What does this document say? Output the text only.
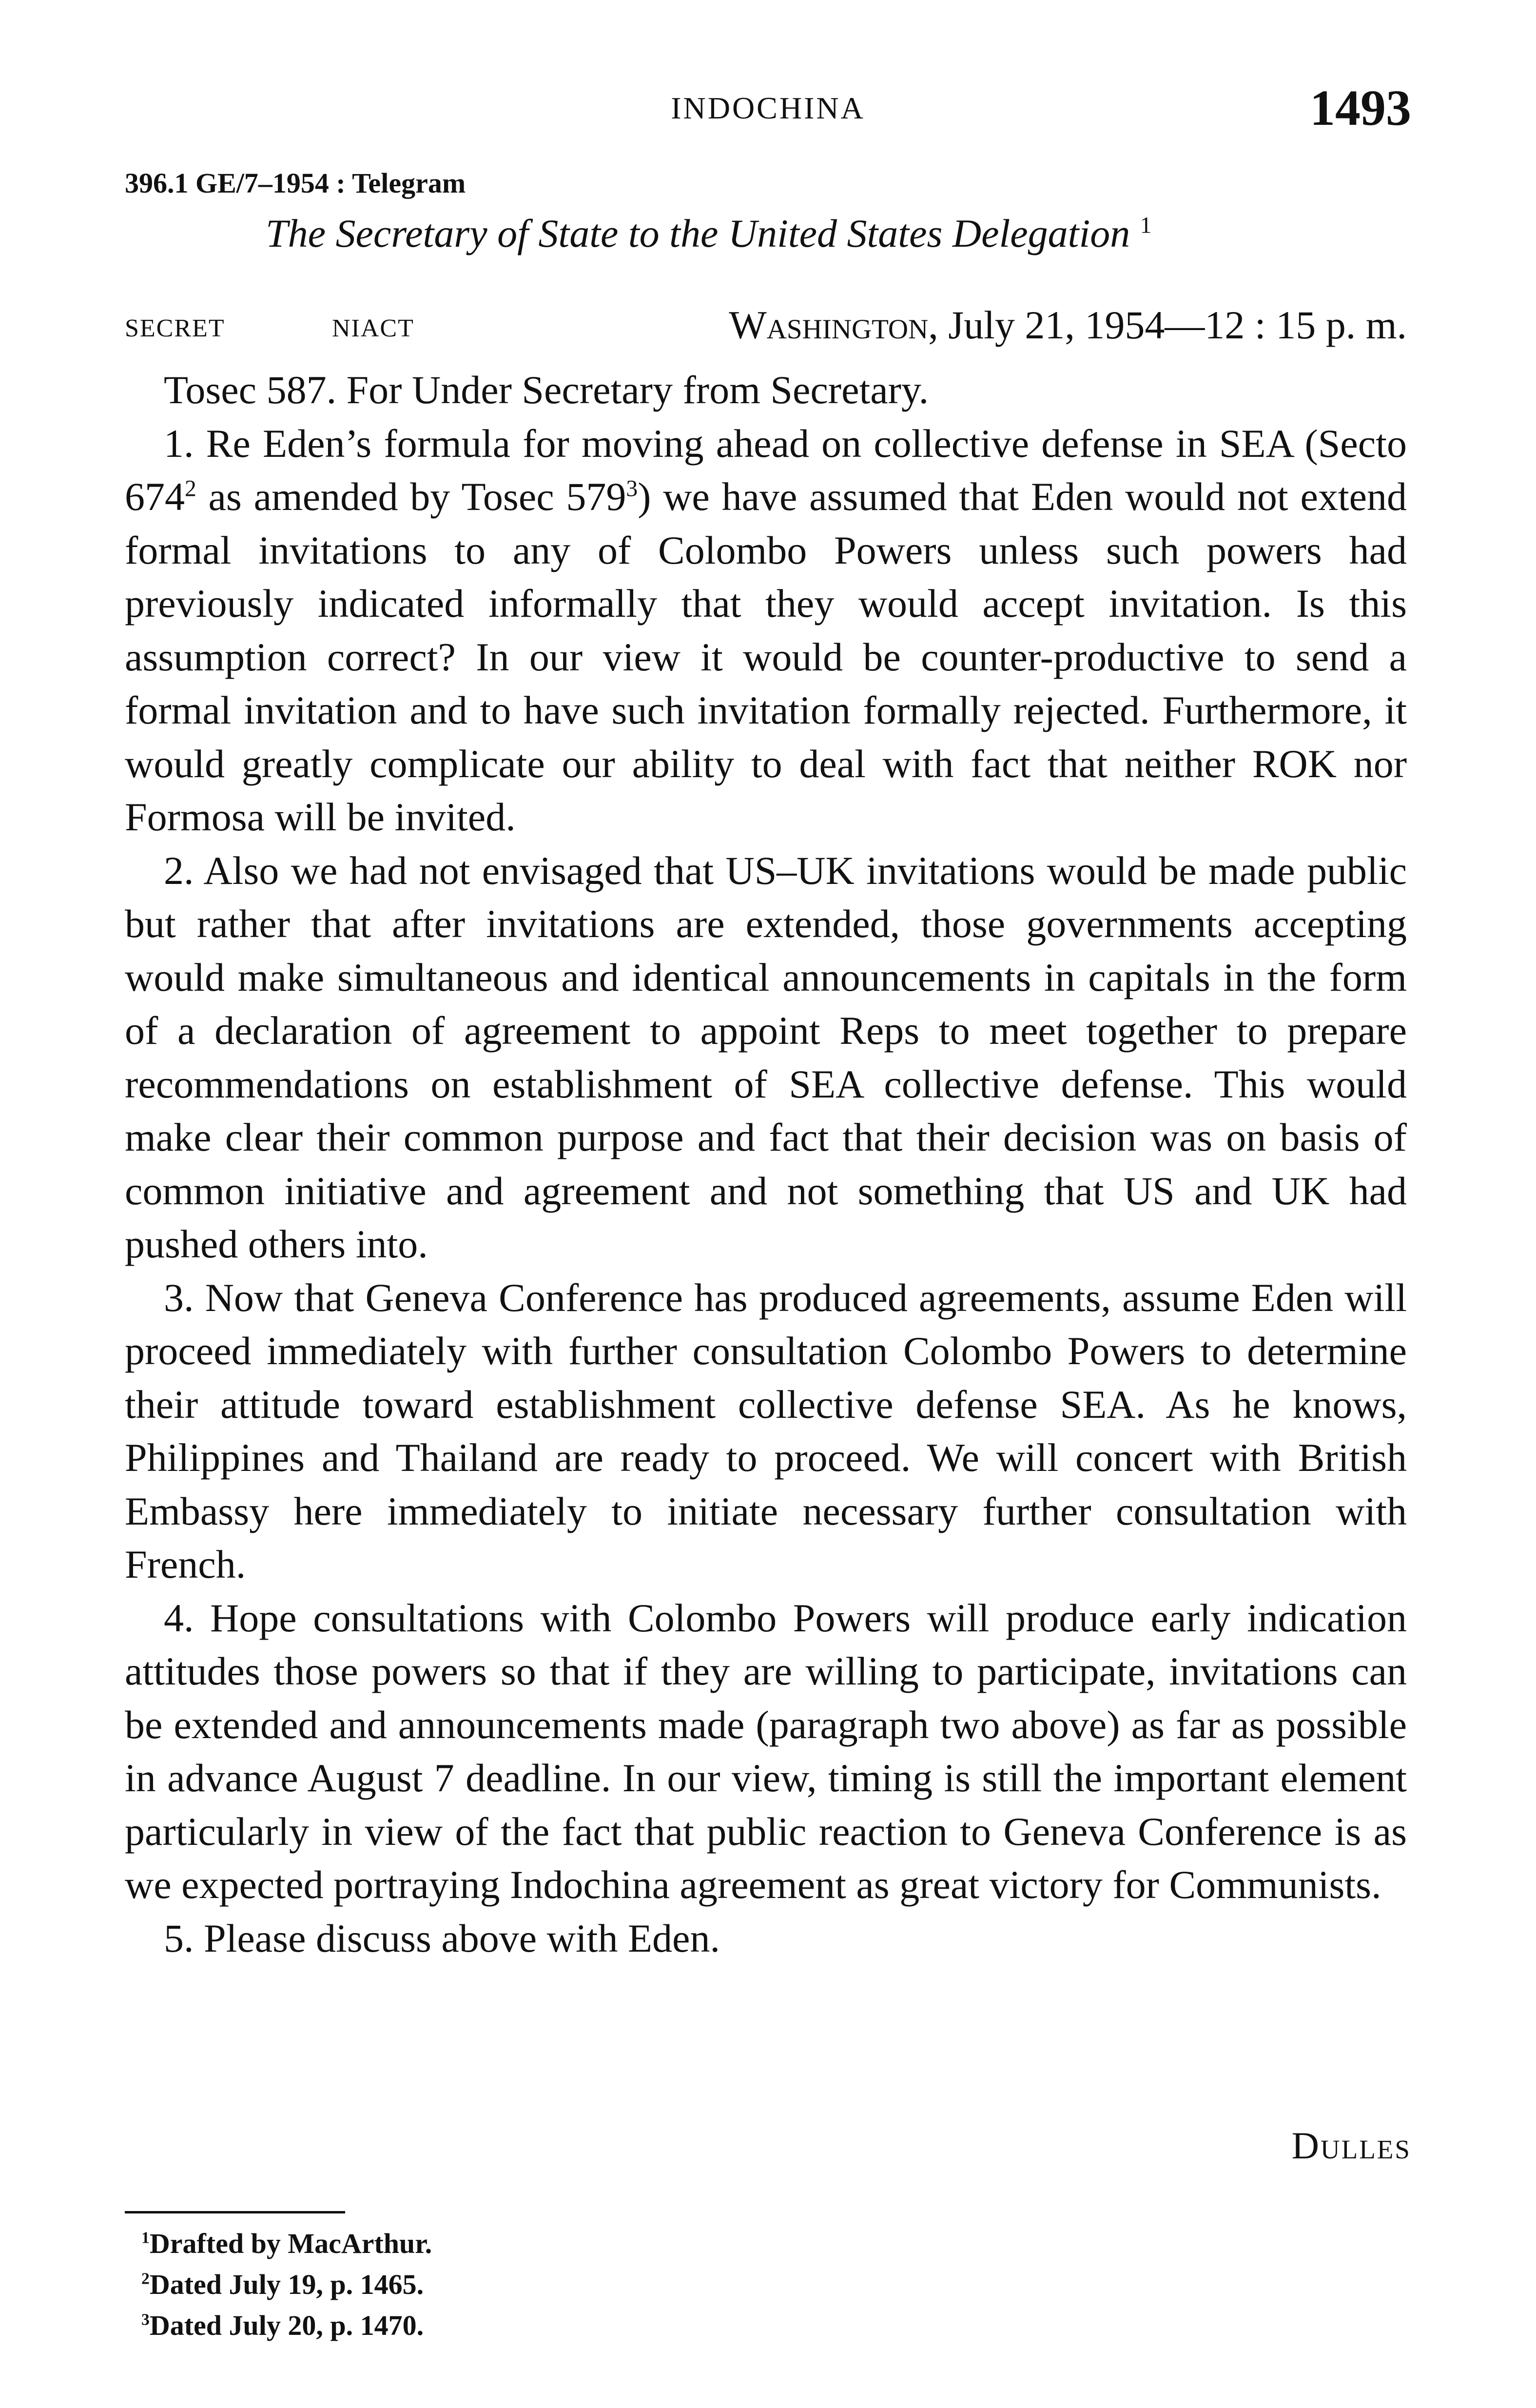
INDOCHINA	1493
396.1 GE/7–1954 : Telegram
The Secretary of State to the United States Delegation $^1$
SECRET	NIACT	Washington, July 21, 1954—12 : 15 p. m.

Tosec 587. For Under Secretary from Secretary.

1. Re Eden’s formula for moving ahead on collective defense in SEA (Secto $674^2$ as amended by Tosec $579^3$) we have assumed that Eden would not extend formal invitations to any of Colombo Powers unless such powers had previously indicated informally that they would accept invitation. Is this assumption correct? In our view it would be counter-productive to send a formal invitation and to have such invitation formally rejected. Furthermore, it would greatly complicate our ability to deal with fact that neither ROK nor Formosa will be invited.

2. Also we had not envisaged that US–UK invitations would be made public but rather that after invitations are extended, those governments accepting would make simultaneous and identical announcements in capitals in the form of a declaration of agreement to appoint Reps to meet together to prepare recommendations on establishment of SEA collective defense. This would make clear their common purpose and fact that their decision was on basis of common initiative and agreement and not something that US and UK had pushed others into.

3. Now that Geneva Conference has produced agreements, assume Eden will proceed immediately with further consultation Colombo Powers to determine their attitude toward establishment collective defense SEA. As he knows, Philippines and Thailand are ready to proceed. We will concert with British Embassy here immediately to initiate necessary further consultation with French.

4. Hope consultations with Colombo Powers will produce early indication attitudes those powers so that if they are willing to participate, invitations can be extended and announcements made (paragraph two above) as far as possible in advance August 7 deadline. In our view, timing is still the important element particularly in view of the fact that public reaction to Geneva Conference is as we expected portraying Indochina agreement as great victory for Communists.

5. Please discuss above with Eden.

Dulles
$^1$Drafted by MacArthur.
$^2$Dated July 19, p. 1465.
$^3$Dated July 20, p. 1470.
